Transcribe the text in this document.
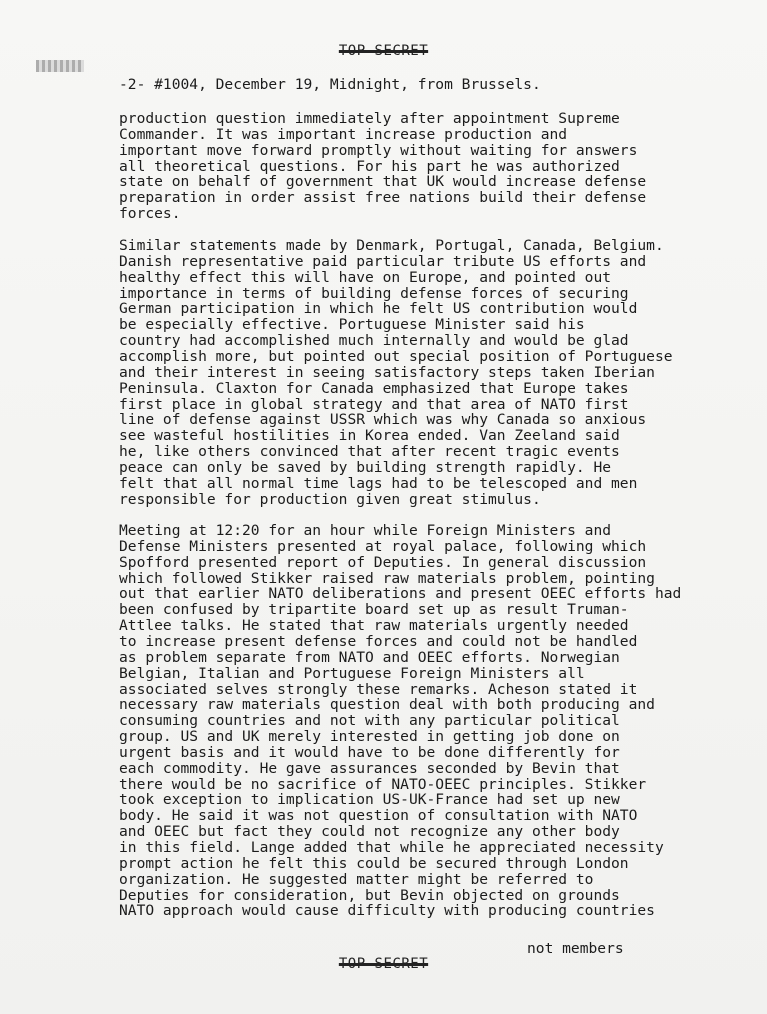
TOP SECRET
-2- #1004, December 19, Midnight, from Brussels.
production question immediately after appointment Supreme
Commander. It was important increase production and
important move forward promptly without waiting for answers
all theoretical questions. For his part he was authorized
state on behalf of government that UK would increase defense
preparation in order assist free nations build their defense
forces.
Similar statements made by Denmark, Portugal, Canada, Belgium.
Danish representative paid particular tribute US efforts and
healthy effect this will have on Europe, and pointed out
importance in terms of building defense forces of securing
German participation in which he felt US contribution would
be especially effective. Portuguese Minister said his
country had accomplished much internally and would be glad
accomplish more, but pointed out special position of Portuguese
and their interest in seeing satisfactory steps taken Iberian
Peninsula. Claxton for Canada emphasized that Europe takes
first place in global strategy and that area of NATO first
line of defense against USSR which was why Canada so anxious
see wasteful hostilities in Korea ended. Van Zeeland said
he, like others convinced that after recent tragic events
peace can only be saved by building strength rapidly. He
felt that all normal time lags had to be telescoped and men
responsible for production given great stimulus.
Meeting at 12:20 for an hour while Foreign Ministers and
Defense Ministers presented at royal palace, following which
Spofford presented report of Deputies. In general discussion
which followed Stikker raised raw materials problem, pointing
out that earlier NATO deliberations and present OEEC efforts had
been confused by tripartite board set up as result Truman-
Attlee talks. He stated that raw materials urgently needed
to increase present defense forces and could not be handled
as problem separate from NATO and OEEC efforts. Norwegian
Belgian, Italian and Portuguese Foreign Ministers all
associated selves strongly these remarks. Acheson stated it
necessary raw materials question deal with both producing and
consuming countries and not with any particular political
group. US and UK merely interested in getting job done on
urgent basis and it would have to be done differently for
each commodity. He gave assurances seconded by Bevin that
there would be no sacrifice of NATO-OEEC principles. Stikker
took exception to implication US-UK-France had set up new
body. He said it was not question of consultation with NATO
and OEEC but fact they could not recognize any other body
in this field. Lange added that while he appreciated necessity
prompt action he felt this could be secured through London
organization. He suggested matter might be referred to
Deputies for consideration, but Bevin objected on grounds
NATO approach would cause difficulty with producing countries
not members
TOP SECRET
